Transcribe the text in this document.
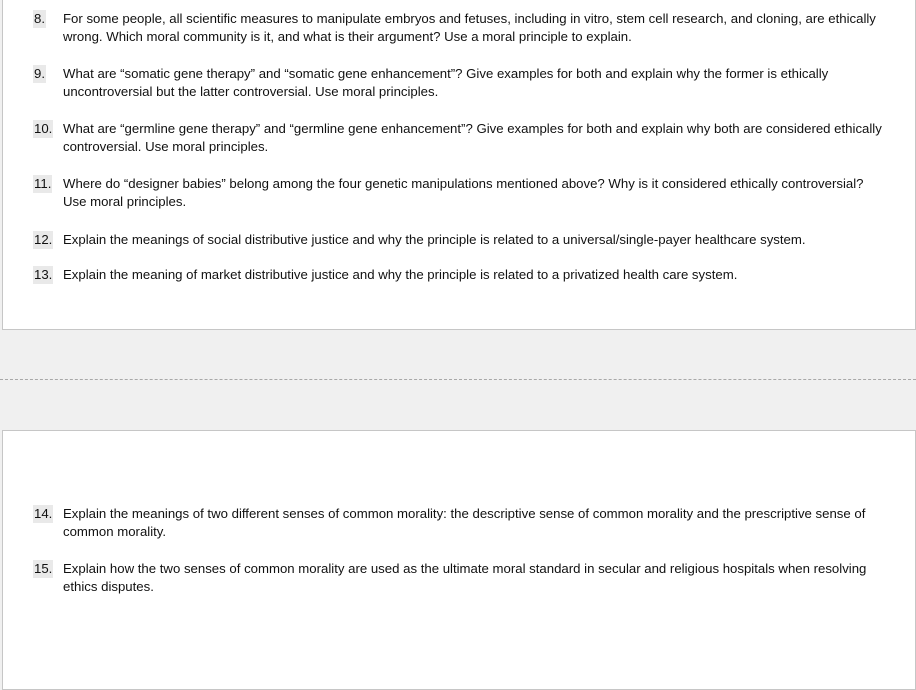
8. For some people, all scientific measures to manipulate embryos and fetuses, including in vitro, stem cell research, and cloning, are ethically wrong. Which moral community is it, and what is their argument? Use a moral principle to explain.
9. What are “somatic gene therapy” and “somatic gene enhancement”? Give examples for both and explain why the former is ethically uncontroversial but the latter controversial. Use moral principles.
10. What are “germline gene therapy” and “germline gene enhancement”? Give examples for both and explain why both are considered ethically controversial. Use moral principles.
11. Where do “designer babies” belong among the four genetic manipulations mentioned above? Why is it considered ethically controversial? Use moral principles.
12. Explain the meanings of social distributive justice and why the principle is related to a universal/single-payer healthcare system.
13. Explain the meaning of market distributive justice and why the principle is related to a privatized health care system.
14. Explain the meanings of two different senses of common morality: the descriptive sense of common morality and the prescriptive sense of common morality.
15. Explain how the two senses of common morality are used as the ultimate moral standard in secular and religious hospitals when resolving ethics disputes.
